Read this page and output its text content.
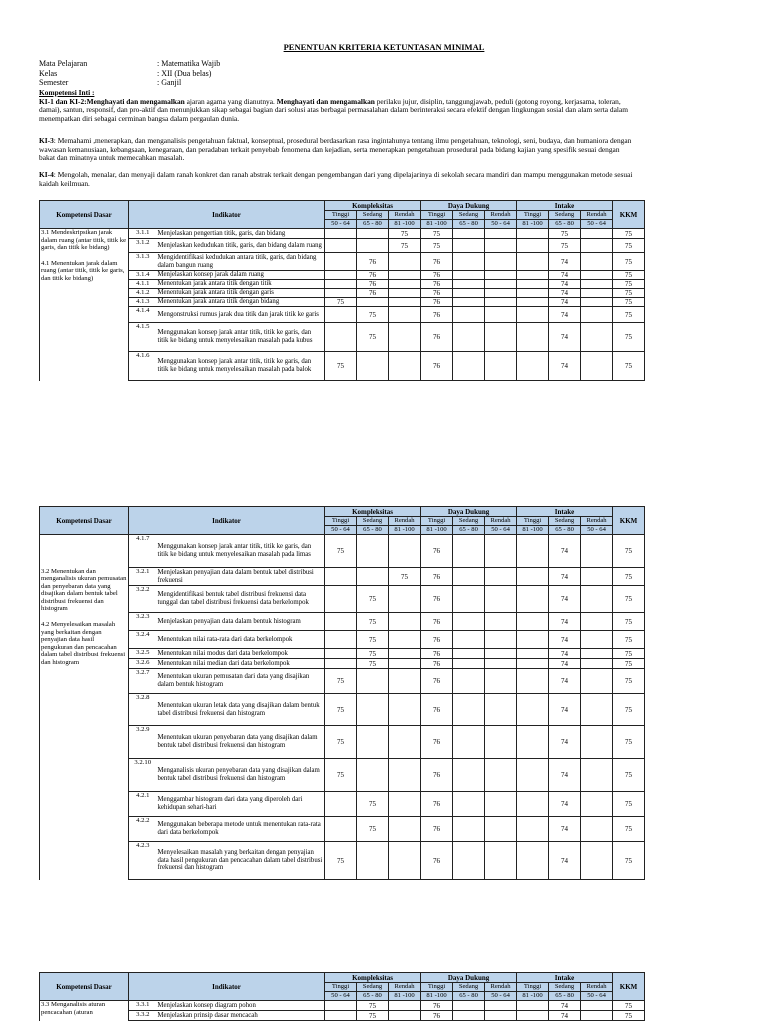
PENENTUAN KRITERIA KETUNTASAN MINIMAL
Mata Pelajaran	: Matematika Wajib
Kelas	: XII (Dua belas)
Semester	: Ganjil
Kompetensi Inti :
KI-1 dan KI-2:Menghayati dan mengamalkan ajaran agama yang dianutnya. Menghayati dan mengamalkan perilaku jujur, disiplin, tanggungjawab, peduli (gotong royong, kerjasama, toleran, damai), santun, responsif, dan pro-aktif dan menunjukkan sikap sebagai bagian dari solusi atas berbagai permasalahan dalam berinteraksi secara efektif dengan lingkungan sosial dan alam serta dalam menempatkan diri sebagai cerminan bangsa dalam pergaulan dunia.
KI-3: Memahami ,menerapkan, dan menganalisis pengetahuan faktual, konseptual, prosedural berdasarkan rasa ingintahunya tentang ilmu pengetahuan, teknologi, seni, budaya, dan humaniora dengan wawasan kemanusiaan, kebangsaan, kenegaraan, dan peradaban terkait penyebab fenomena dan kejadian, serta menerapkan pengetahuan prosedural pada bidang kajian yang spesifik sesuai dengan bakat dan minatnya untuk memecahkan masalah.
KI-4: Mengolah, menalar, dan menyaji dalam ranah konkret dan ranah abstrak terkait dengan pengembangan dari yang dipelajarinya di sekolah secara mandiri dan mampu menggunakan metode sesuai kaidah keilmuan.
Kompetensi Dasar	Indikator		Kompleksitas			Daya Dukung			Intake			KKM
			Tinggi	Sedang	Rendah	Tinggi	Sedang	Rendah	Tinggi	Sedang	Rendah	
			50 - 64	65 - 80	81 -100	81 -100	65 - 80	50 - 64	81 -100	65 - 80	50 - 64	

3.1 Mendeskripsikan jarak dalam ruang (antar titik, titik ke garis, dan titik ke bidang)
4.1 Menentukan jarak dalam ruang (antar titik, titik ke garis, dan titik ke bidang)	3.1.1	Menjelaskan pengertian titik, garis, dan bidang			75	75				75		75
	3.1.2	Menjelaskan kedudukan titik, garis, dan bidang dalam ruang			75	75				75		75
	3.1.3	Mengidentifikasi kedudukan antara titik, garis, dan bidang dalam bangun ruang		76		76				74		75
	3.1.4	Menjelaskan konsep jarak dalam ruang		76		76				74		75
	4.1.1	Menentukan jarak antara titik dengan titik		76		76				74		75
	4.1.2	Menentukan jarak antara titik dengan garis		76		76				74		75
	4.1.3	Menentukan jarak antara titik dengan bidang	75			76				74		75
	4.1.4	Mengonstruksi rumus jarak dua titik dan jarak titik ke garis		75		76				74		75
	4.1.5	Menggunakan konsep jarak antar titik, titik ke garis, dan titik ke bidang untuk menyelesaikan masalah pada kubus		75		76				74		75
	4.1.6	Menggunakan konsep jarak antar titik, titik ke garis, dan titik ke bidang untuk menyelesaikan masalah pada balok	75			76				74		75
Kompetensi Dasar	Indikator		Kompleksitas			Daya Dukung			Intake			KKM
			Tinggi	Sedang	Rendah	Tinggi	Sedang	Rendah	Tinggi	Sedang	Rendah	
			50 - 64	65 - 80	81 -100	81 -100	65 - 80	50 - 64	81 -100	65 - 80	50 - 64	
	4.1.7	Menggunakan konsep jarak antar titik, titik ke garis, dan titik ke bidang untuk menyelesaikan masalah pada limas	75			76				74		75

3.2 Menentukan dan menganalisis ukuran pemusatan dan penyebaran data yang disajikan dalam bentuk tabel distribusi frekuensi dan histogram
4.2 Menyelesaikan masalah yang berkaitan dengan penyajian data hasil pengukuran dan pencacahan dalam tabel distribusi frekuensi dan histogram	3.2.1	Menjelaskan penyajian data dalam bentuk tabel distribusi frekuensi			75	76				74		75
	3.2.2	Mengidentifikasi bentuk tabel distribusi frekuensi data tunggal dan tabel distribusi frekuensi data berkelompok		75		76				74		75
	3.2.3	Menjelaskan penyajian data dalam bentuk histogram		75		76				74		75
	3.2.4	Menentukan nilai rata-rata dari data berkelompok		75		76				74		75
	3.2.5	Menentukan nilai modus dari data berkelompok		75		76				74		75
	3.2.6	Menentukan nilai median dari data berkelompok		75		76				74		75
	3.2.7	Menentukan ukuran pemusatan dari data yang disajikan dalam bentuk histogram	75			76				74		75
	3.2.8	Menentukan ukuran letak data yang disajikan dalam bentuk tabel distribusi frekuensi dan histogram	75			76				74		75
	3.2.9	Menentukan ukuran penyebaran data yang disajikan dalam bentuk tabel distribusi frekuensi dan histogram	75			76				74		75
	3.2.10	Menganalisis ukuran penyebaran data yang disajikan dalam bentuk tabel distribusi frekuensi dan histogram	75			76				74		75
	4.2.1	Menggambar histogram dari data yang diperoleh dari kehidupan sehari-hari		75		76				74		75
	4.2.2	Menggunakan beberapa metode untuk menentukan rata-rata dari data berkelompok		75		76				74		75
	4.2.3	Menyelesaikan masalah yang berkaitan dengan penyajian data hasil pengukuran dan pencacahan dalam tabel distribusi frekuensi dan histogram	75			76				74		75
Kompetensi Dasar	Indikator		Kompleksitas			Daya Dukung			Intake			KKM
			Tinggi	Sedang	Rendah	Tinggi	Sedang	Rendah	Tinggi	Sedang	Rendah	
			50 - 64	65 - 80	81 -100	81 -100	65 - 80	50 - 64	81 -100	65 - 80	50 - 64	

3.3 Menganalisis aturan pencacahan (aturan	3.3.1	Menjelaskan konsep diagram pohon		75		76				74		75
	3.3.2	Menjelaskan prinsip dasar mencacah		75		76				74		75
